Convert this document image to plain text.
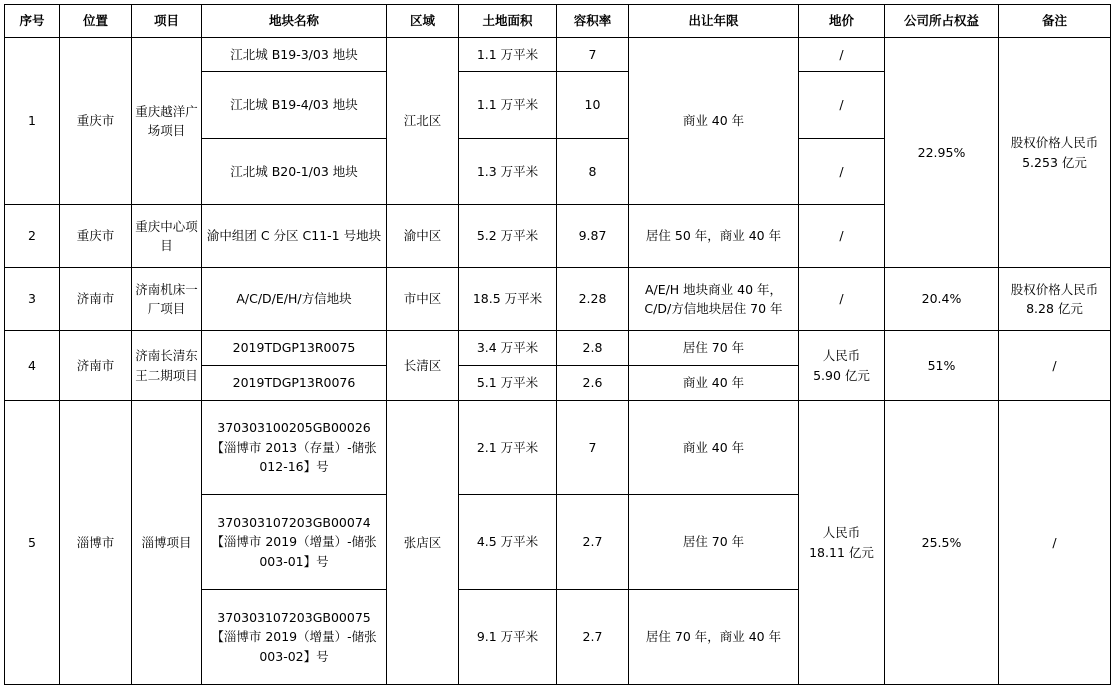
序号	位置	项目	地块名称	区域	土地面积	容积率	出让年限	地价	公司所占权益	备注
1	重庆市	重庆越洋广场项目	江北城 B19-3/03 地块	江北区	1.1 万平米	7	商业 40 年	/	22.95%	股权价格人民币
5.253 亿元
			江北城 B19-4/03 地块		1.1 万平米	10		/		
			江北城 B20-1/03 地块		1.3 万平米	8		/		
2	重庆市	重庆中心项目	渝中组团 C 分区 C11-1 号地块	渝中区	5.2 万平米	9.87	居住 50 年，商业 40 年	/		
3	济南市	济南机床一厂项目	A/C/D/E/H/方信地块	市中区	18.5 万平米	2.28	A/E/H 地块商业 40 年，
C/D/方信地块居住 70 年	/	20.4%	股权价格人民币
8.28 亿元
4	济南市	济南长清东王二期项目	2019TDGP13R0075	长清区	3.4 万平米	2.8	居住 70 年	人民币
5.90 亿元	51%	/
			2019TDGP13R0076		5.1 万平米	2.6	商业 40 年			
5	淄博市	淄博项目	370303100205GB00026
【淄博市 2013（存量）-储张
012-16】号	张店区	2.1 万平米	7	商业 40 年	人民币
18.11 亿元	25.5%	/
			370303107203GB00074
【淄博市 2019（增量）-储张
003-01】号		4.5 万平米	2.7	居住 70 年			
			370303107203GB00075
【淄博市 2019（增量）-储张
003-02】号		9.1 万平米	2.7	居住 70 年，商业 40 年			
